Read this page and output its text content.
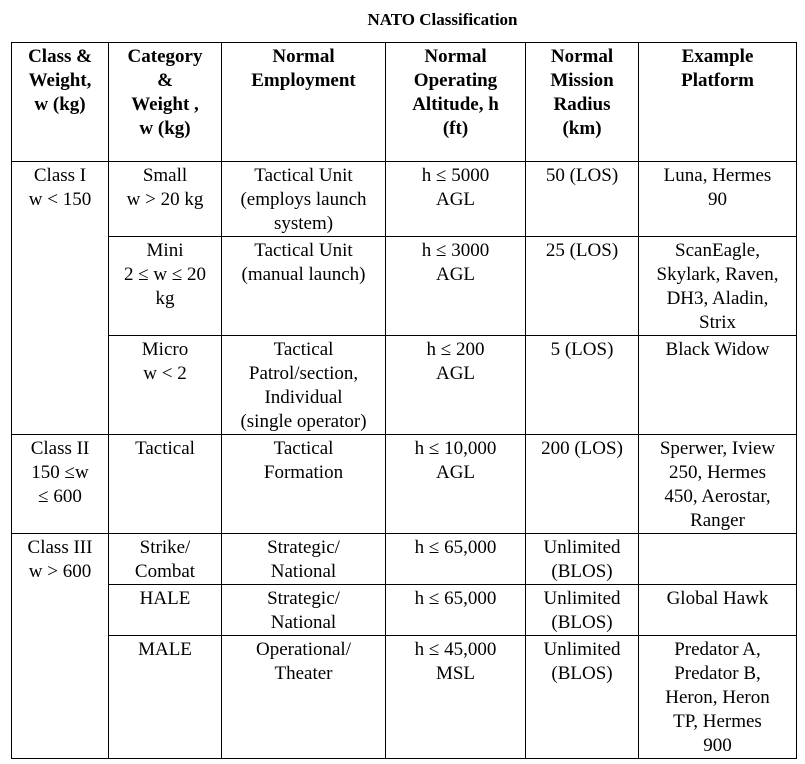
NATO Classification
Class &
Weight,
w (kg)	Category
&
Weight ,
w (kg)	Normal
Employment	Normal
Operating
Altitude, h
(ft)	Normal
Mission
Radius
(km)	Example
Platform

Class I
w < 150	Small
w > 20 kg	Tactical Unit
(employs launch
system)	h ≤ 5000
AGL	50 (LOS)	Luna, Hermes
90

	Mini
2 ≤ w ≤ 20
kg	Tactical Unit
(manual launch)	h ≤ 3000
AGL	25 (LOS)	ScanEagle,
Skylark, Raven,
DH3, Aladin,
Strix

	Micro
w < 2	Tactical
Patrol/section,
Individual
(single operator)	h ≤ 200
AGL	5 (LOS)	Black Widow

Class II
150 ≤w
≤ 600	Tactical	Tactical
Formation	h ≤ 10,000
AGL	200 (LOS)	Sperwer, Iview
250, Hermes
450, Aerostar,
Ranger

Class III
w > 600	Strike/
Combat	Strategic/
National	h ≤ 65,000	Unlimited
(BLOS)	

	HALE	Strategic/
National	h ≤ 65,000	Unlimited
(BLOS)	Global Hawk

	MALE	Operational/
Theater	h ≤ 45,000
MSL	Unlimited
(BLOS)	Predator A,
Predator B,
Heron, Heron
TP, Hermes
900
